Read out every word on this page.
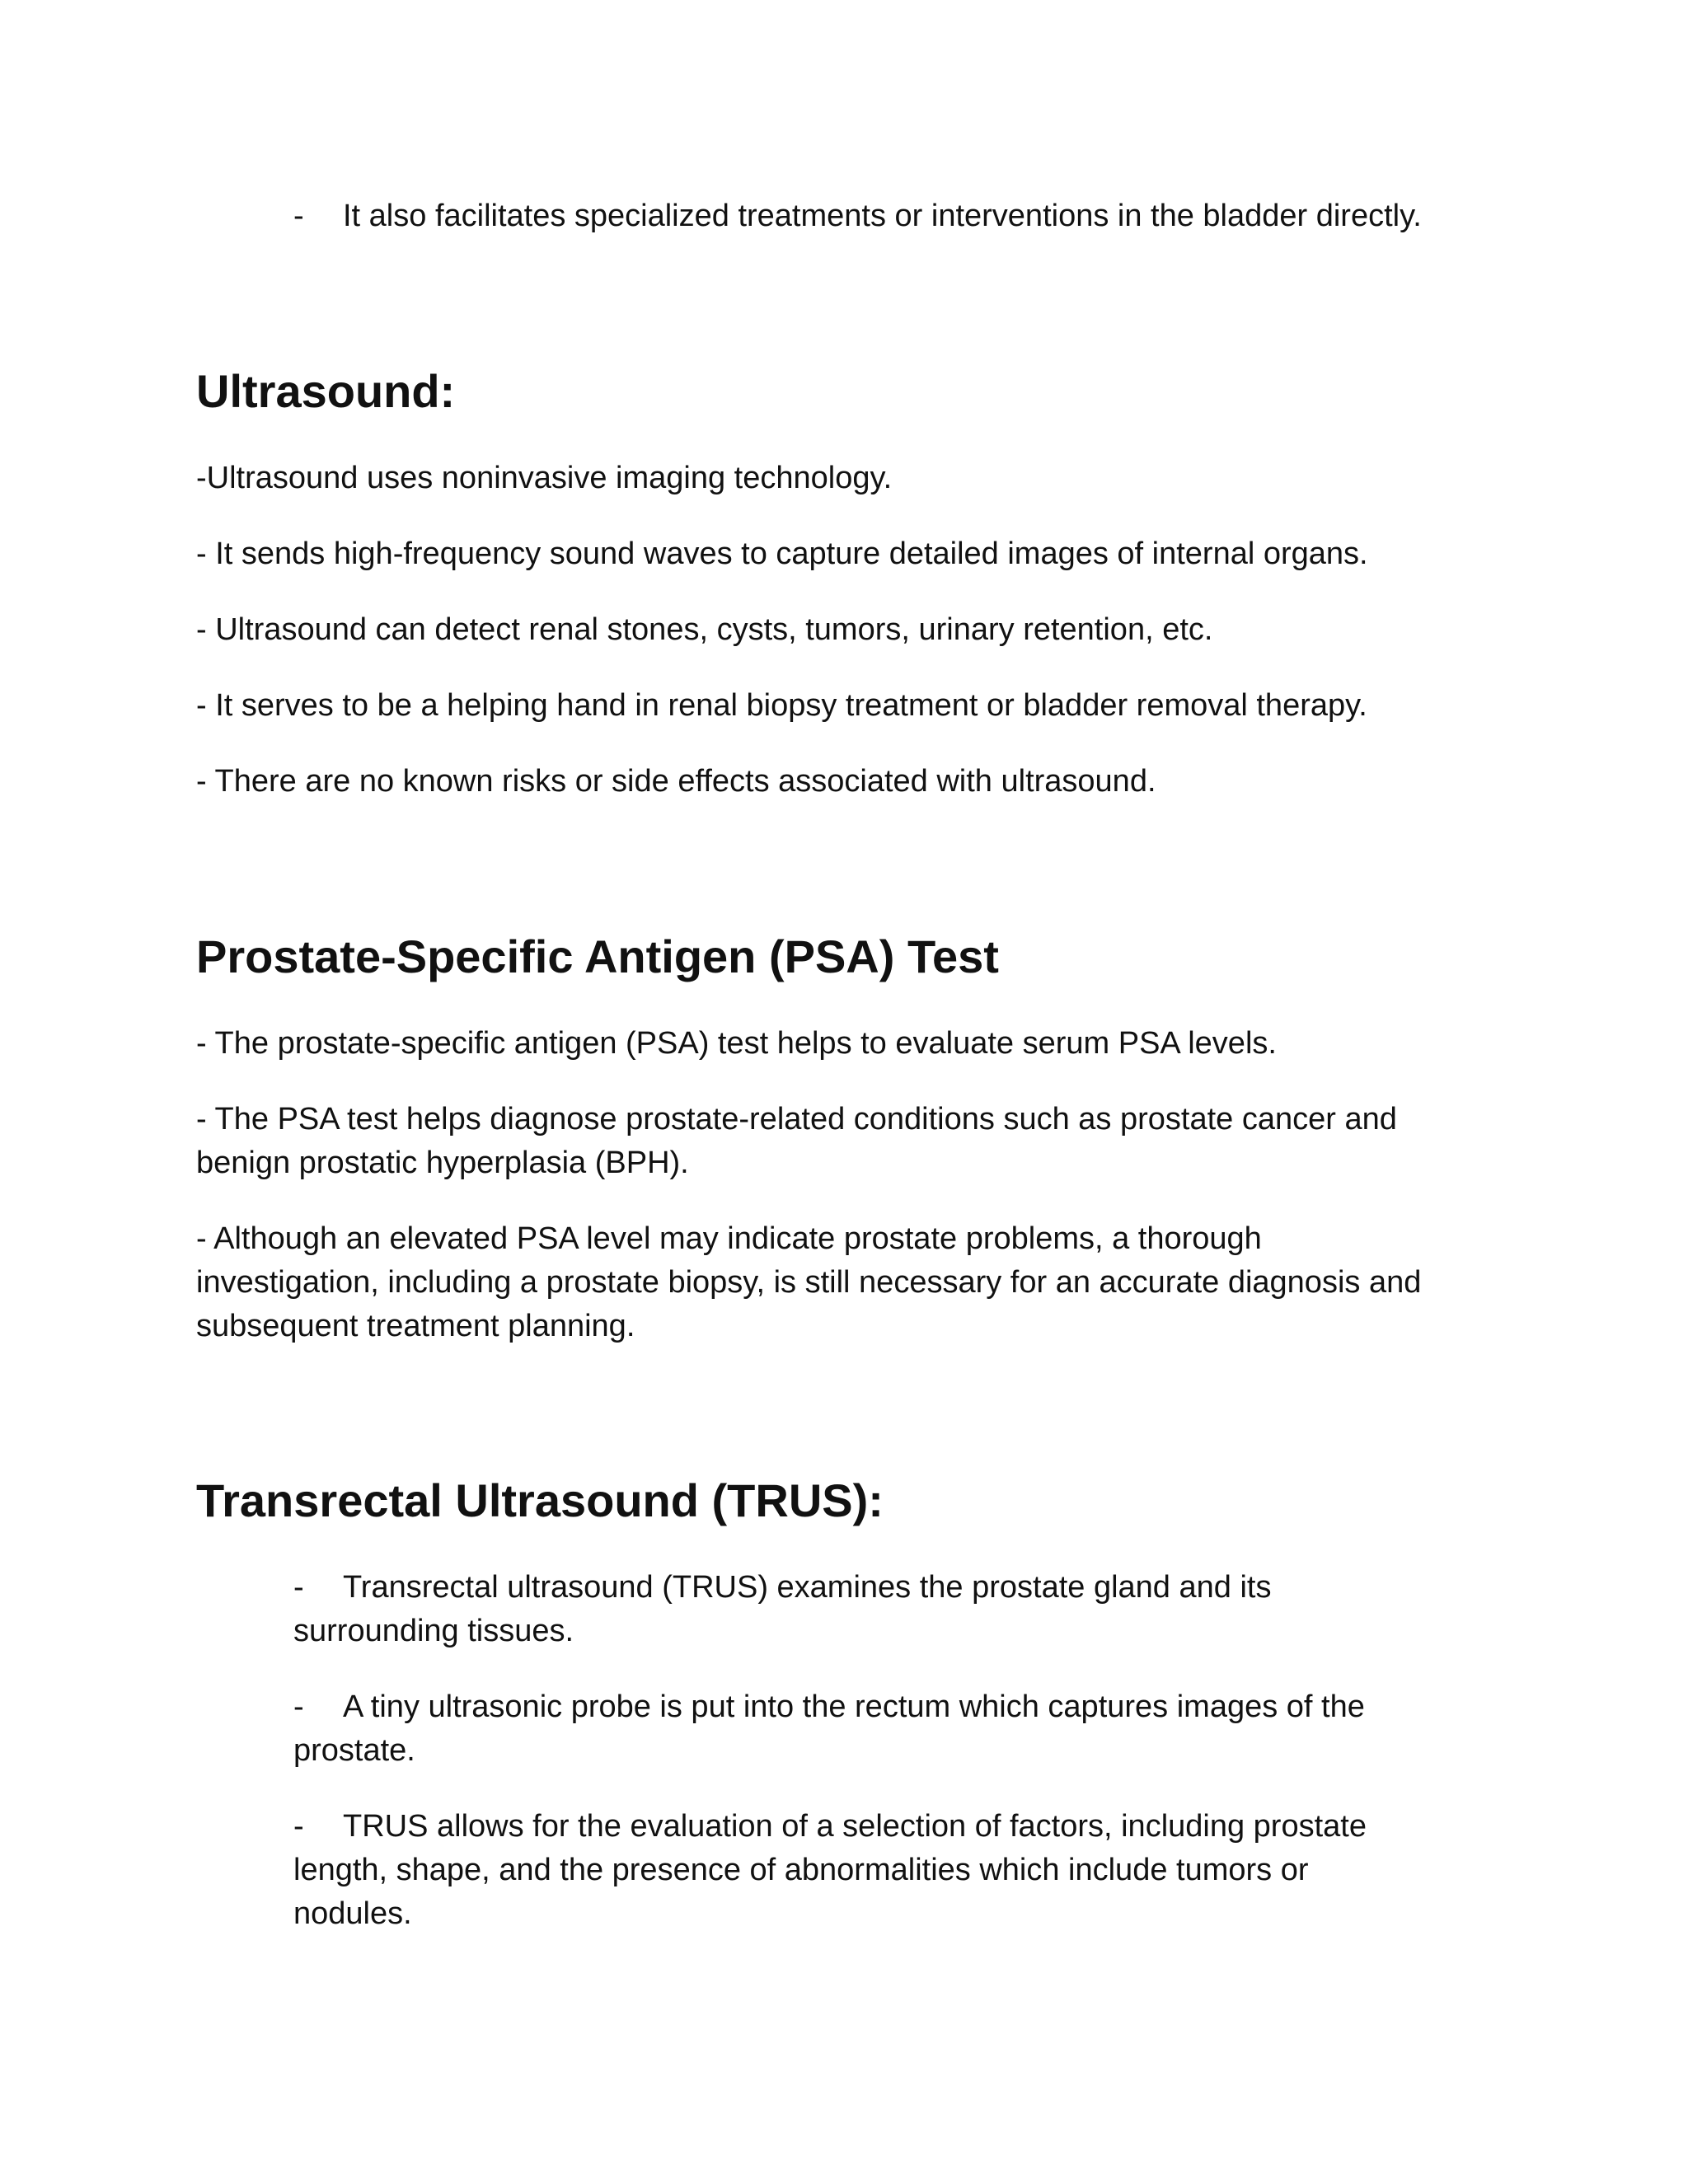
- It also facilitates specialized treatments or interventions in the bladder directly.
Ultrasound:
-Ultrasound uses noninvasive imaging technology.
- It sends high-frequency sound waves to capture detailed images of internal organs.
- Ultrasound can detect renal stones, cysts, tumors, urinary retention, etc.
- It serves to be a helping hand in renal biopsy treatment or bladder removal therapy.
- There are no known risks or side effects associated with ultrasound.
Prostate-Specific Antigen (PSA) Test
- The prostate-specific antigen (PSA) test helps to evaluate serum PSA levels.
- The PSA test helps diagnose prostate-related conditions such as prostate cancer and benign prostatic hyperplasia (BPH).
- Although an elevated PSA level may indicate prostate problems, a thorough investigation, including a prostate biopsy, is still necessary for an accurate diagnosis and subsequent treatment planning.
Transrectal Ultrasound (TRUS):
- Transrectal ultrasound (TRUS) examines the prostate gland and its surrounding tissues.
- A tiny ultrasonic probe is put into the rectum which captures images of the prostate.
- TRUS allows for the evaluation of a selection of factors, including prostate length, shape, and the presence of abnormalities which include tumors or nodules.
